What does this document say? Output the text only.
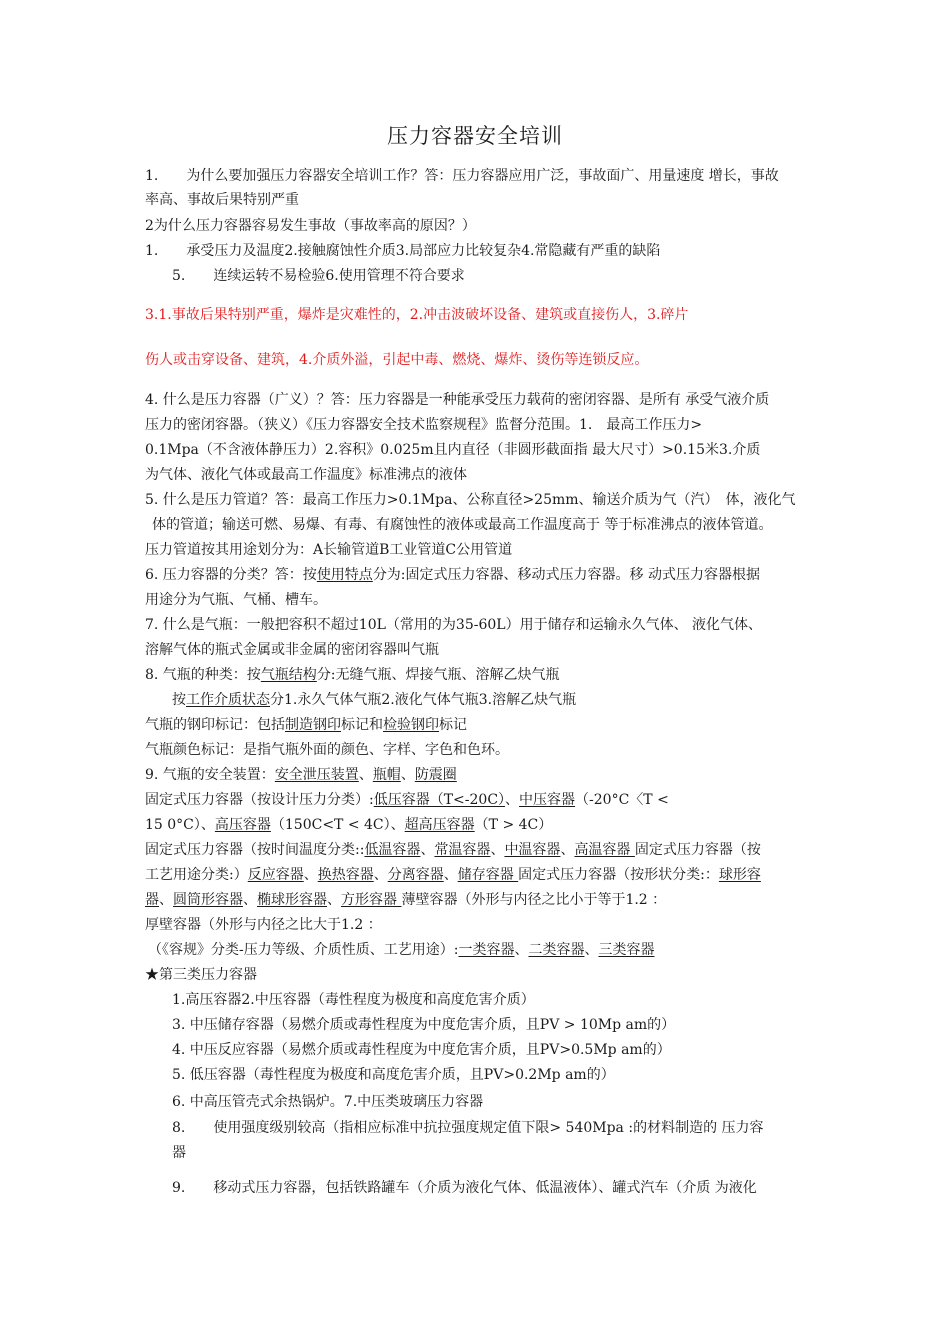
压力容器安全培训
1.　　为什么要加强压力容器安全培训工作？答：压力容器应用广泛，事故面广、用量速度 增长，事故
率高、事故后果特别严重
2为什么压力容器容易发生事故（事故率高的原因？）
1.　　承受压力及温度2.接触腐蚀性介质3.局部应力比较复杂4.常隐藏有严重的缺陷
5.　　连续运转不易检验6.使用管理不符合要求
3.1.事故后果特别严重，爆炸是灾难性的，2.冲击波破坏设备、建筑或直接伤人，3.碎片
伤人或击穿设备、建筑，4.介质外溢，引起中毒、燃烧、爆炸、烫伤等连锁反应。
4. 什么是压力容器（广义）？答：压力容器是一种能承受压力载荷的密闭容器、是所有 承受气液介质
压力的密闭容器。（狭义）《压力容器安全技术监察规程》监督分范围。1.　最高工作压力>
0.1Mpa（不含液体静压力）2.容积》0.025m且内直径（非圆形截面指 最大尺寸）>0.15米3.介质
为气体、液化气体或最高工作温度》标准沸点的液体
5. 什么是压力管道？答：最高工作压力>0.1Mpa、公称直径>25mm、输送介质为气（汽）　体，液化气
体的管道；输送可燃、易爆、有毒、有腐蚀性的液体或最高工作温度高于 等于标准沸点的液体管道。
压力管道按其用途划分为：A长输管道B工业管道C公用管道
6. 压力容器的分类？答：按使用特点分为:固定式压力容器、移动式压力容器。移 动式压力容器根据
用途分为气瓶、气桶、槽车。
7. 什么是气瓶：一般把容积不超过10L（常用的为35-60L）用于储存和运输永久气体、 液化气体、
溶解气体的瓶式金属或非金属的密闭容器叫气瓶
8. 气瓶的种类：按气瓶结构分:无缝气瓶、焊接气瓶、溶解乙炔气瓶
按工作介质状态分1.永久气体气瓶2.液化气体气瓶3.溶解乙炔气瓶
气瓶的钢印标记：包括制造钢印标记和检验钢印标记
气瓶颜色标记：是指气瓶外面的颜色、字样、字色和色环。
9. 气瓶的安全装置：安全泄压装置、瓶帽、防震圈
固定式压力容器（按设计压力分类）:低压容器（T<-20C）、中压容器（-20°C〈T <
15 0°C）、高压容器（150C<T < 4C）、超高压容器（T > 4C）
固定式压力容器（按时间温度分类::低温容器、常温容器、中温容器、高温容器 固定式压力容器（按
工艺用途分类:）反应容器、换热容器、分离容器、储存容器 固定式压力容器（按形状分类:：球形容
器、圆筒形容器、椭球形容器、方形容器 薄壁容器（外形与内径之比小于等于1.2 ：
厚壁容器（外形与内径之比大于1.2 ：
（《容规》分类-压力等级、介质性质、工艺用途）:一类容器、二类容器、三类容器
★第三类压力容器
1.高压容器2.中压容器（毒性程度为极度和高度危害介质）
3. 中压储存容器（易燃介质或毒性程度为中度危害介质，且PV > 10Mp am的）
4. 中压反应容器（易燃介质或毒性程度为中度危害介质，且PV>0.5Mp am的）
5. 低压容器（毒性程度为极度和高度危害介质，且PV>0.2Mp am的）
6. 中高压管壳式余热锅炉。7.中压类玻璃压力容器
8.　　使用强度级别较高（指相应标准中抗拉强度规定值下限> 540Mpa :的材料制造的 压力容
器
9.　　移动式压力容器，包括铁路罐车（介质为液化气体、低温液体）、罐式汽车（介质 为液化
